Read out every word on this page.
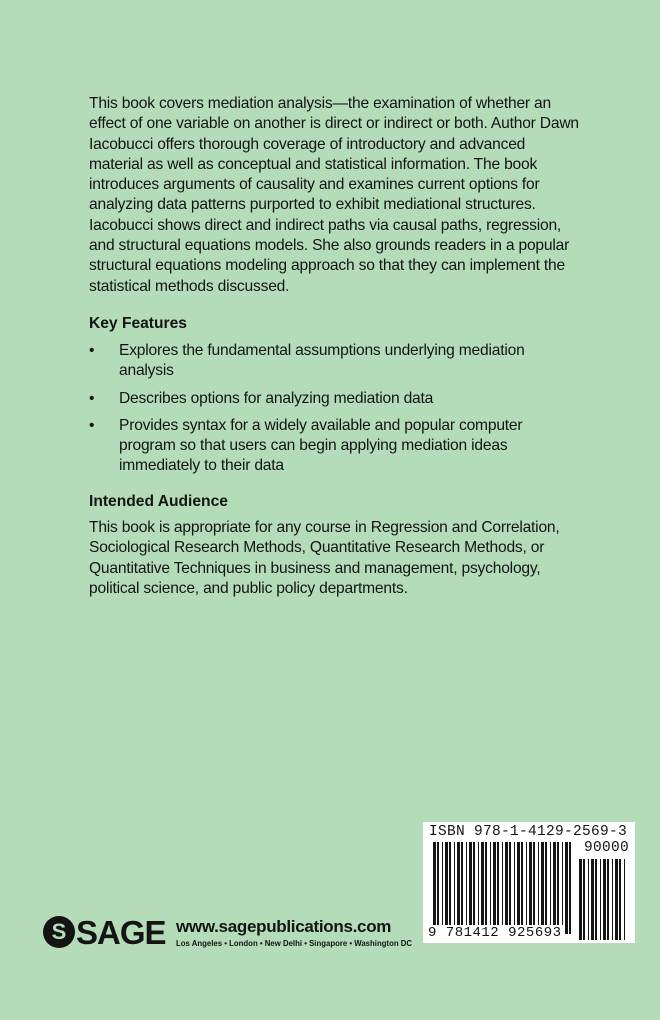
This book covers mediation analysis—the examination of whether an effect of one variable on another is direct or indirect or both. Author Dawn Iacobucci offers thorough coverage of introductory and advanced material as well as conceptual and statistical information. The book introduces arguments of causality and examines current options for analyzing data patterns purported to exhibit mediational structures. Iacobucci shows direct and indirect paths via causal paths, regression, and structural equations models. She also grounds readers in a popular structural equations modeling approach so that they can implement the statistical methods discussed.

Key Features
• Explores the fundamental assumptions underlying mediation analysis
• Describes options for analyzing mediation data
• Provides syntax for a widely available and popular computer program so that users can begin applying mediation ideas immediately to their data
Intended Audience

This book is appropriate for any course in Regression and Correlation, Sociological Research Methods, Quantitative Research Methods, or Quantitative Techniques in business and management, psychology, political science, and public policy departments.

ISBN 978-1-4129-2569-3
90000
9 781412 925693
S SAGE www.sagepublications.com
Los Angeles • London • New Delhi • Singapore • Washington DC
